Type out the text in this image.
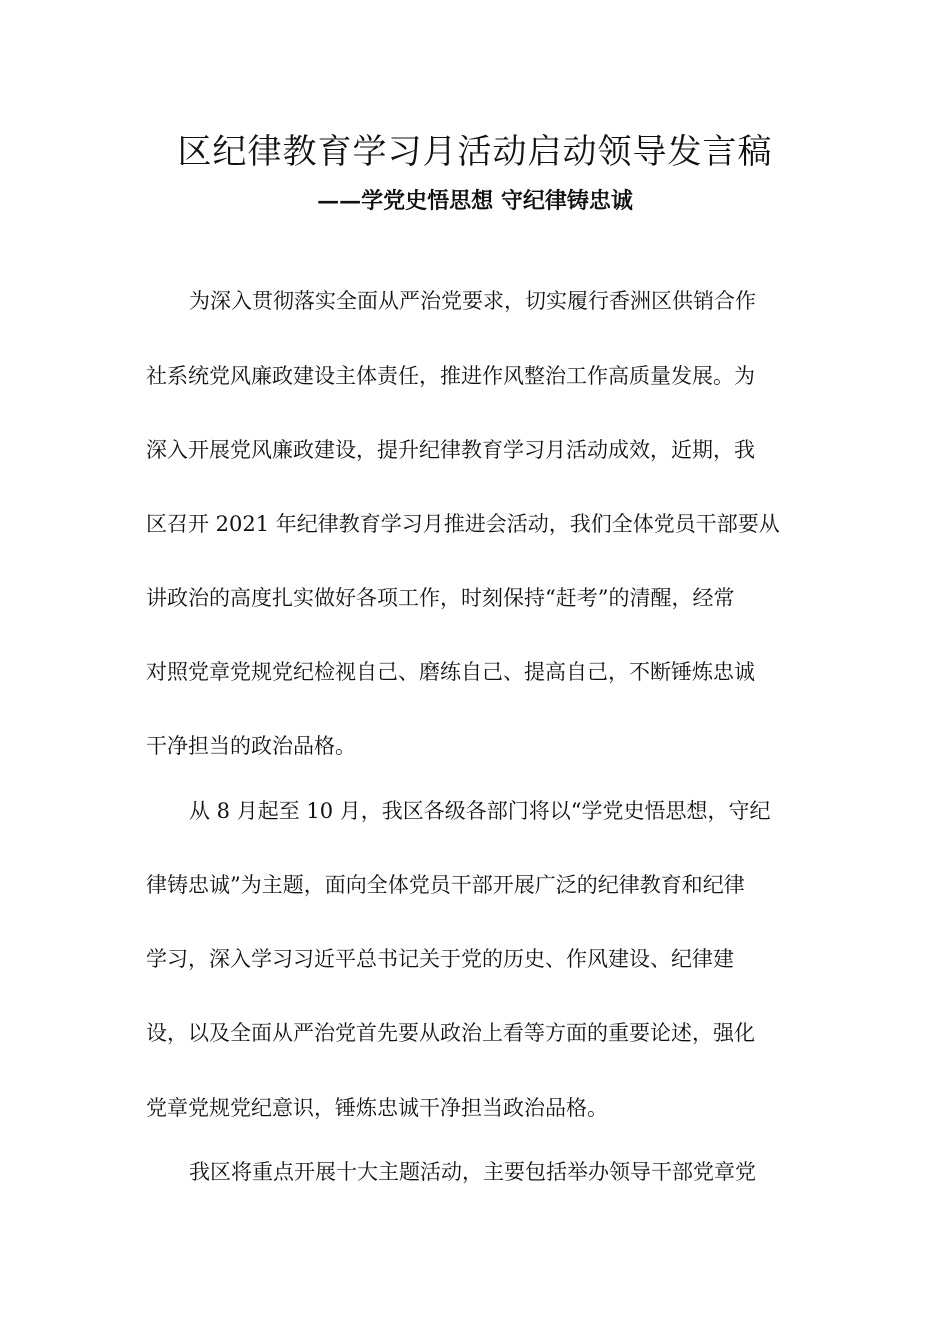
区纪律教育学习月活动启动领导发言稿
——学党史悟思想 守纪律铸忠诚

为深入贯彻落实全面从严治党要求，切实履行香洲区供销合作

社系统党风廉政建设主体责任，推进作风整治工作高质量发展。为

深入开展党风廉政建设，提升纪律教育学习月活动成效，近期，我

区召开 2021 年纪律教育学习月推进会活动，我们全体党员干部要从

讲政治的高度扎实做好各项工作，时刻保持“赶考”的清醒，经常

对照党章党规党纪检视自己、磨练自己、提高自己，不断锤炼忠诚

干净担当的政治品格。

从 8 月起至 10 月，我区各级各部门将以“学党史悟思想，守纪

律铸忠诚”为主题，面向全体党员干部开展广泛的纪律教育和纪律

学习，深入学习习近平总书记关于党的历史、作风建设、纪律建

设，以及全面从严治党首先要从政治上看等方面的重要论述，强化

党章党规党纪意识，锤炼忠诚干净担当政治品格。

我区将重点开展十大主题活动，主要包括举办领导干部党章党
